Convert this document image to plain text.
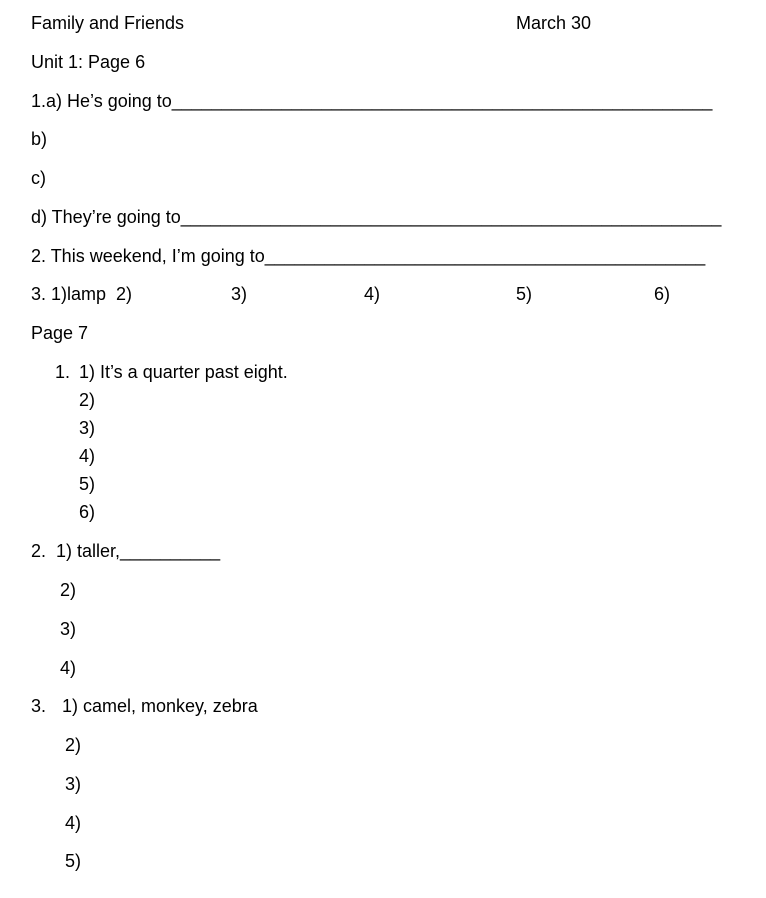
Family and Friends	March 30
Unit 1: Page 6
1.a) He’s going to______________________________________________________
b)
c)
d) They’re going to______________________________________________________
2. This weekend, I’m going to____________________________________________
3. 1)lamp  2)	3)	4)	5)	6)
Page 7
1. 1) It’s a quarter past eight.
2)
3)
4)
5)
6)
2.  1) taller,__________
2)
3)
4)
3. 1) camel, monkey, zebra
2)
3)
4)
5)
